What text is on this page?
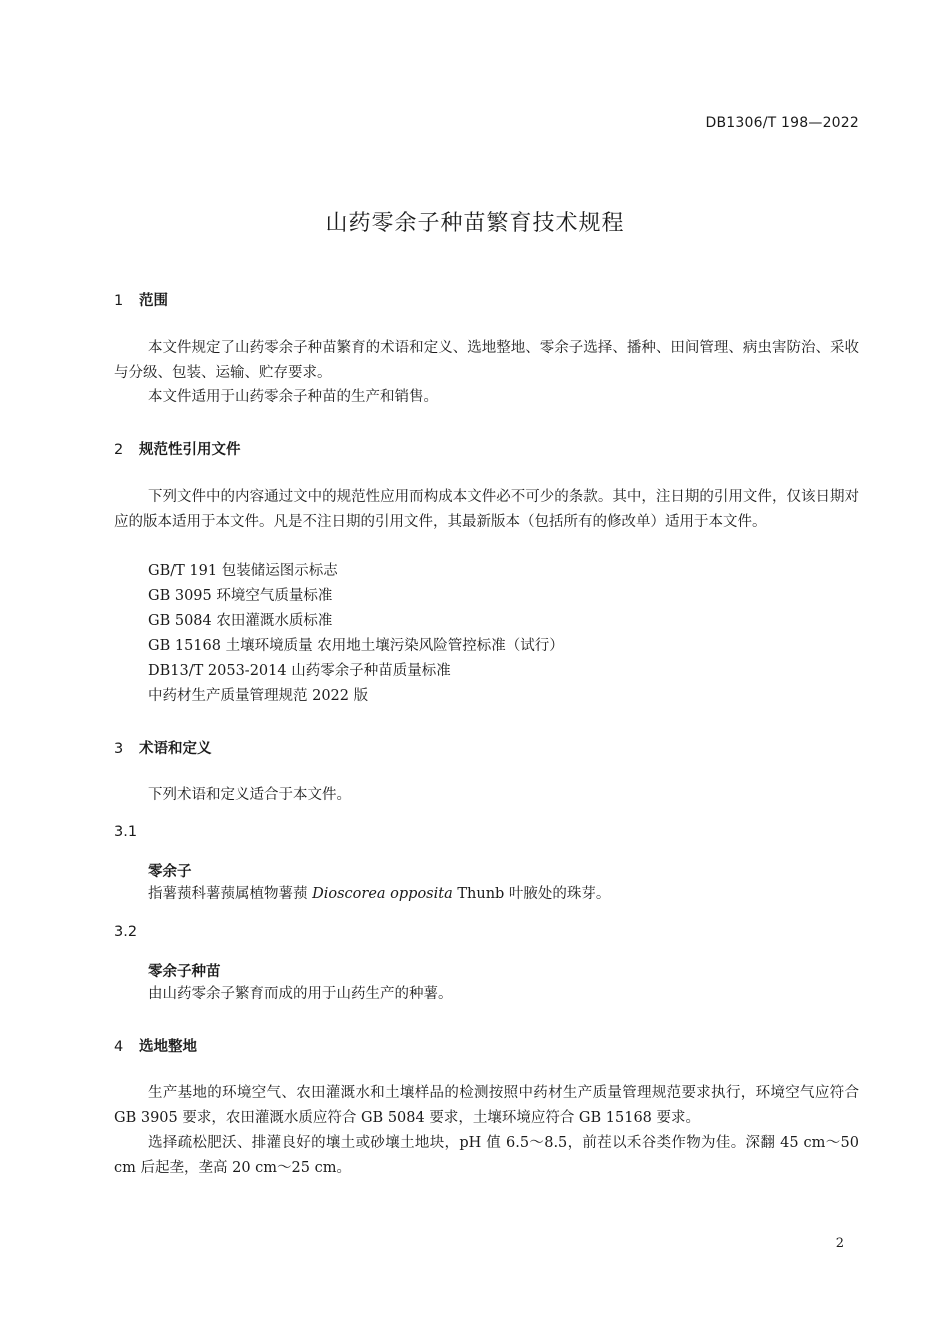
DB1306/T 198—2022
山药零余子种苗繁育技术规程
1 范围
本文件规定了山药零余子种苗繁育的术语和定义、选地整地、零余子选择、播种、田间管理、病虫害防治、采收与分级、包装、运输、贮存要求。
本文件适用于山药零余子种苗的生产和销售。
2 规范性引用文件
下列文件中的内容通过文中的规范性应用而构成本文件必不可少的条款。其中，注日期的引用文件，仅该日期对应的版本适用于本文件。凡是不注日期的引用文件，其最新版本（包括所有的修改单）适用于本文件。
GB/T 191 包装储运图示标志
GB 3095 环境空气质量标准
GB 5084 农田灌溉水质标准
GB 15168 土壤环境质量 农用地土壤污染风险管控标准（试行）
DB13/T 2053-2014 山药零余子种苗质量标准
中药材生产质量管理规范 2022 版
3 术语和定义
下列术语和定义适合于本文件。
3.1
零余子
指薯蓣科薯蓣属植物薯蓣 Dioscorea opposita Thunb 叶腋处的珠芽。
3.2
零余子种苗
由山药零余子繁育而成的用于山药生产的种薯。
4 选地整地
生产基地的环境空气、农田灌溉水和土壤样品的检测按照中药材生产质量管理规范要求执行，环境空气应符合 GB 3905 要求，农田灌溉水质应符合 GB 5084 要求，土壤环境应符合 GB 15168 要求。
选择疏松肥沃、排灌良好的壤土或砂壤土地块，pH 值 6.5～8.5，前茬以禾谷类作物为佳。深翻 45 cm～50 cm 后起垄，垄高 20 cm～25 cm。
2
